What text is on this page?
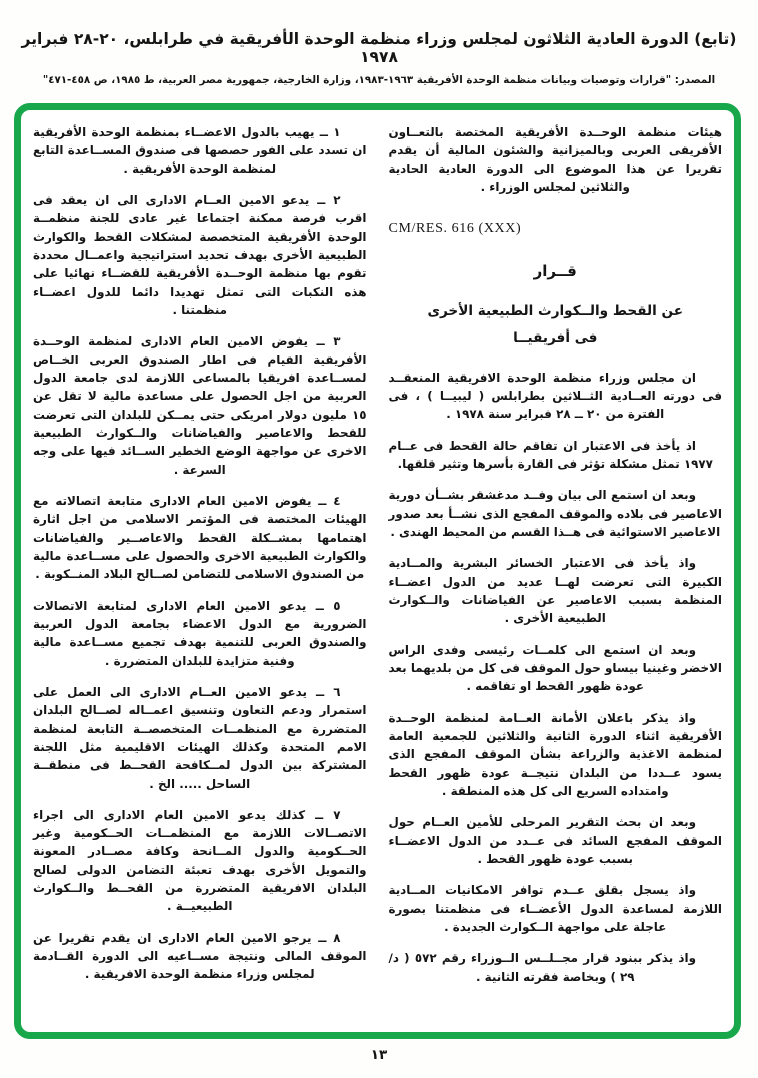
(تابع) الدورة العادية الثلاثون لمجلس وزراء منظمة الوحدة الأفريقية في طرابلس، ٢٠-٢٨ فبراير ١٩٧٨
المصدر: "قرارات وتوصيات وبيانات منظمة الوحدة الأفريقية ١٩٦٣-١٩٨٣، وزارة الخارجية، جمهورية مصر العربية، ط ١٩٨٥، ص ٤٥٨-٤٧١"

هيئات منظمة الوحــدة الأفريقية المختصة بالتعــاون الأفريقى العربى وبالميزانية والشئون المالية أن يقدم تقريرا عن هذا الموضوع الى الدورة العادية الحادية والثلاثين لمجلس الوزراء .

CM/RES. 616 (XXX)
قــرار
عن القحط والــكوارث الطبيعية الأخرى
فى أفريقيــا

ان مجلس وزراء منظمة الوحدة الافريقية المنعقــد فى دورته العــادية الثــلاثين بطرابلس ( ليبيــا ) ، فى الفترة من ٢٠ ــ ٢٨ فبراير سنة ١٩٧٨ .

اذ يأخذ فى الاعتبار ان تفاقم حالة القحط فى عــام ١٩٧٧ تمثل مشكلة تؤثر فى القارة بأسرها وتثير قلقها.

وبعد ان استمع الى بيان وفــد مدغشقر بشــأن دورية الاعاصير فى بلاده والموقف المفجع الذى نشــأ بعد صدور الاعاصير الاستوائية فى هــذا القسم من المحيط الهندى .

واذ يأخذ فى الاعتبار الخسائر البشرية والمــادية الكبيرة التى تعرضت لهــا عديد من الدول اعضــاء المنظمة بسبب الاعاصير عن الفياضانات والــكوارث الطبيعية الأخرى .

وبعد ان استمع الى كلمــات رئيسى وفدى الراس الاخضر وغينيا بيساو حول الموقف فى كل من بلديهما بعد عودة ظهور القحط او تفاقمه .

واذ يذكر باعلان الأمانة العــامة لمنظمة الوحــدة الأفريقية اثناء الدورة الثانية والثلاثين للجمعية العامة لمنظمة الاغذية والزراعة بشأن الموقف المفجع الذى يسود عــددا من البلدان نتيجــة عودة ظهور القحط وامتداده السريع الى كل هذه المنطقة .

وبعد ان بحث التقرير المرحلى للأمين العــام حول الموقف المفجع السائد فى عــدد من الدول الاعضــاء بسبب عودة ظهور القحط .

واذ يسجل بقلق عــدم توافر الامكانيات المــادية اللازمة لمساعدة الدول الأعضــاء فى منظمتنا بصورة عاجلة على مواجهة الــكوارث الجديدة .

واذ يذكر ببنود قرار مجــلــس الــوزراء رقم ٥٧٢ ( د/٢٩ ) وبخاصة فقرته الثانية .

١ ــ يهيب بالدول الاعضــاء بمنظمة الوحدة الأفريقية ان تسدد على الفور حصصها فى صندوق المســاعدة التابع لمنظمة الوحدة الأفريقية .

٢ ــ يدعو الامين العــام الادارى الى ان يعقد فى اقرب فرصة ممكنة اجتماعا غير عادى للجنة منظمــة الوحدة الأفريقية المتخصصة لمشكلات القحط والكوارث الطبيعية الأخرى بهدف تحديد استراتيجية واعمــال محددة تقوم بها منظمة الوحــدة الأفريقية للقضــاء نهائيا على هذه النكبات التى تمثل تهديدا دائما للدول اعضــاء منظمتنا .

٣ ــ يفوض الامين العام الادارى لمنظمة الوحــدة الأفريقية القيام فى اطار الصندوق العربى الخــاص لمســاعدة افريقيا بالمساعى اللازمة لدى جامعة الدول العربية من اجل الحصول على مساعدة مالية لا تقل عن ١٥ مليون دولار امريكى حتى يمــكن للبلدان التى تعرضت للقحط والاعاصير والفياضانات والــكوارث الطبيعية الاخرى عن مواجهة الوضع الخطير الســائد فيها على وجه السرعة .

٤ ــ يفوض الامين العام الادارى متابعة اتصالاته مع الهيئات المختصة فى المؤتمر الاسلامى من اجل اثارة اهتمامها بمشــكلة القحط والاعاصــير والفياضانات والكوارث الطبيعية الاخرى والحصول على مســاعدة مالية من الصندوق الاسلامى للتضامن لصــالح البلاد المنــكوبة .

٥ ــ يدعو الامين العام الادارى لمتابعة الاتصالات الضرورية مع الدول الاعضاء بجامعة الدول العربية والصندوق العربى للتنمية بهدف تجميع مســاعدة مالية وفنية متزايدة للبلدان المتضررة .

٦ ــ يدعو الامين العــام الادارى الى العمل على استمرار ودعم التعاون وتنسيق اعمــاله لصــالح البلدان المتضررة مع المنظمــات المتخصصــة التابعة لمنظمة الامم المتحدة وكذلك الهيئات الاقليمية مثل اللجنة المشتركة بين الدول لمــكافحة القحــط فى منطقــة الساحل ..... الخ .

٧ ــ كذلك يدعو الامين العام الادارى الى اجراء الاتصــالات اللازمة مع المنظمــات الحــكومية وغير الحــكومية والدول المــانحة وكافة مصــادر المعونة والتمويل الأخرى بهدف تعبئة التضامن الدولى لصالح البلدان الافريقية المتضررة من القحــط والــكوارث الطبيعيــة .

٨ ــ يرجو الامين العام الادارى ان يقدم تقريرا عن الموقف المالى ونتيجة مســاعيه الى الدورة القــادمة لمجلس وزراء منظمة الوحدة الافريقية .

١٣
